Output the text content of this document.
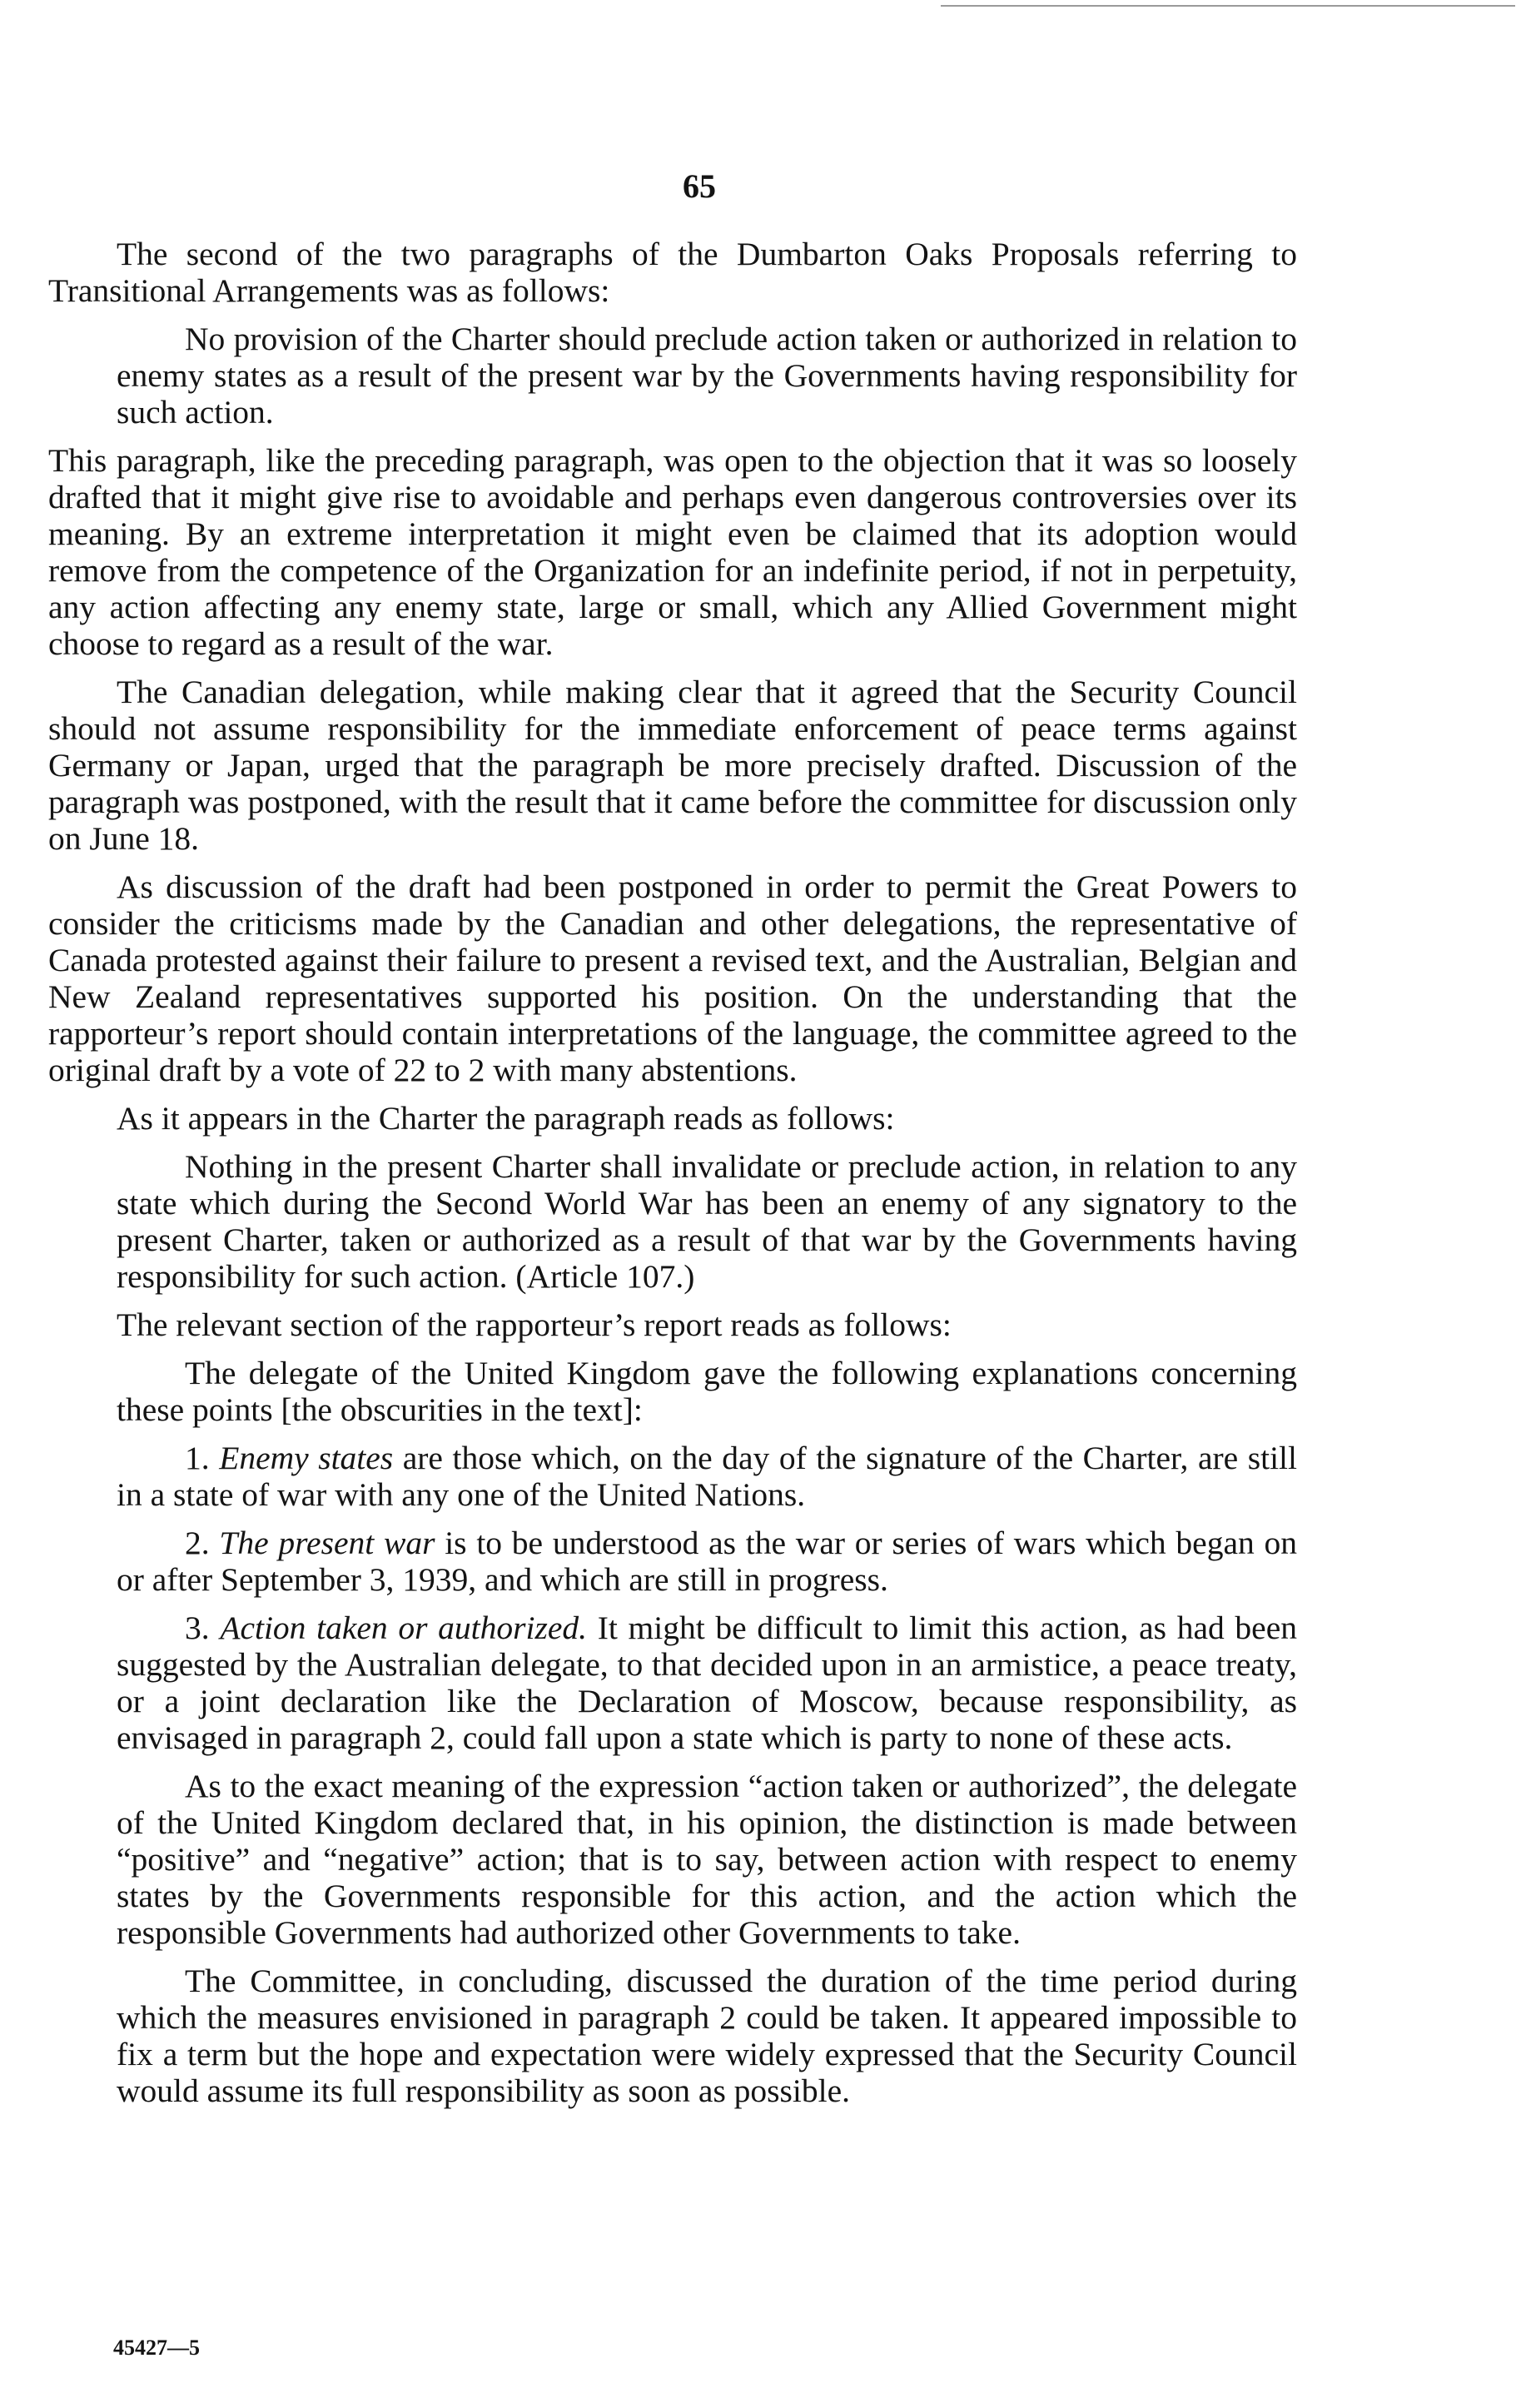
65

The second of the two paragraphs of the Dumbarton Oaks Proposals referring to Transitional Arrangements was as follows:

No provision of the Charter should preclude action taken or authorized in relation to enemy states as a result of the present war by the Governments having responsibility for such action.

This paragraph, like the preceding paragraph, was open to the objection that it was so loosely drafted that it might give rise to avoidable and perhaps even dangerous controversies over its meaning. By an extreme interpretation it might even be claimed that its adoption would remove from the competence of the Organization for an indefinite period, if not in perpetuity, any action affecting any enemy state, large or small, which any Allied Government might choose to regard as a result of the war.

The Canadian delegation, while making clear that it agreed that the Security Council should not assume responsibility for the immediate enforcement of peace terms against Germany or Japan, urged that the paragraph be more precisely drafted. Discussion of the paragraph was postponed, with the result that it came before the committee for discussion only on June 18.

As discussion of the draft had been postponed in order to permit the Great Powers to consider the criticisms made by the Canadian and other delegations, the representative of Canada protested against their failure to present a revised text, and the Australian, Belgian and New Zealand representatives supported his position. On the understanding that the rapporteur’s report should contain interpretations of the language, the committee agreed to the original draft by a vote of 22 to 2 with many abstentions.

As it appears in the Charter the paragraph reads as follows:

Nothing in the present Charter shall invalidate or preclude action, in relation to any state which during the Second World War has been an enemy of any signatory to the present Charter, taken or authorized as a result of that war by the Governments having responsibility for such action. (Article 107.)

The relevant section of the rapporteur’s report reads as follows:

The delegate of the United Kingdom gave the following explanations concerning these points [the obscurities in the text]:

1. Enemy states are those which, on the day of the signature of the Charter, are still in a state of war with any one of the United Nations.

2. The present war is to be understood as the war or series of wars which began on or after September 3, 1939, and which are still in progress.

3. Action taken or authorized. It might be difficult to limit this action, as had been suggested by the Australian delegate, to that decided upon in an armistice, a peace treaty, or a joint declaration like the Declaration of Moscow, because responsibility, as envisaged in paragraph 2, could fall upon a state which is party to none of these acts.

As to the exact meaning of the expression “action taken or authorized”, the delegate of the United Kingdom declared that, in his opinion, the distinction is made between “positive” and “negative” action; that is to say, between action with respect to enemy states by the Governments responsible for this action, and the action which the responsible Governments had authorized other Governments to take.

The Committee, in concluding, discussed the duration of the time period during which the measures envisioned in paragraph 2 could be taken. It appeared impossible to fix a term but the hope and expectation were widely expressed that the Security Council would assume its full responsibility as soon as possible.

45427—5
